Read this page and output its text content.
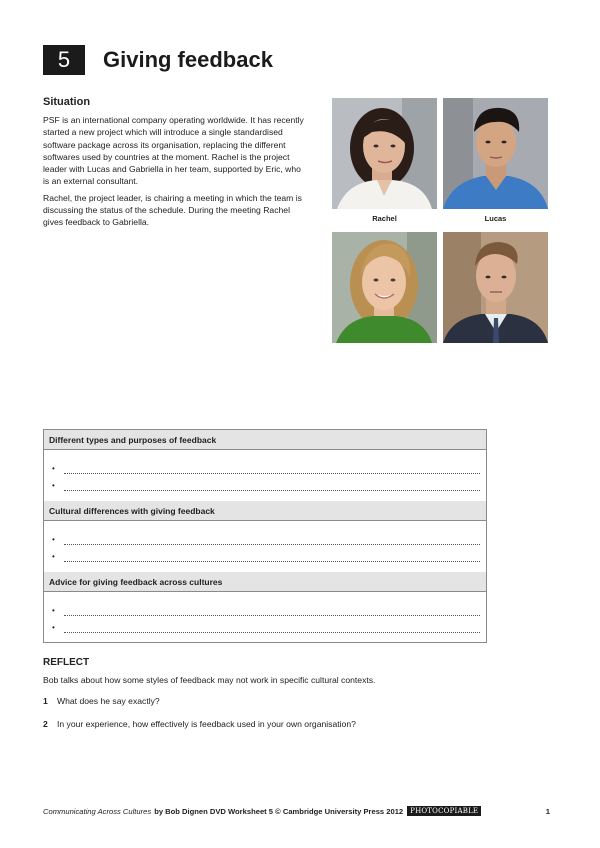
5	Giving feedback
Situation

PSF is an international company operating worldwide. It has recently started a new project which will introduce a single standardised software package across its organisation, replacing the different softwares used by countries at the moment. Rachel is the project leader with Lucas and Gabriella in her team, supported by Eric, who is an external consultant.

Rachel, the project leader, is chairing a meeting in which the team is discussing the status of the schedule. During the meeting Rachel gives feedback to Gabriella.	Rachel	Lucas
Different types and purposes of feedback
•
•
Cultural differences with giving feedback
•
•
Advice for giving feedback across cultures
•
•
REFLECT

Bob talks about how some styles of feedback may not work in specific cultural contexts.

1 What does he say exactly?

2 In your experience, how effectively is feedback used in your own organisation?

Communicating Across Cultures by Bob Dignen DVD Worksheet 5 © Cambridge University Press 2012	PHOTOCOPIABLE	1
